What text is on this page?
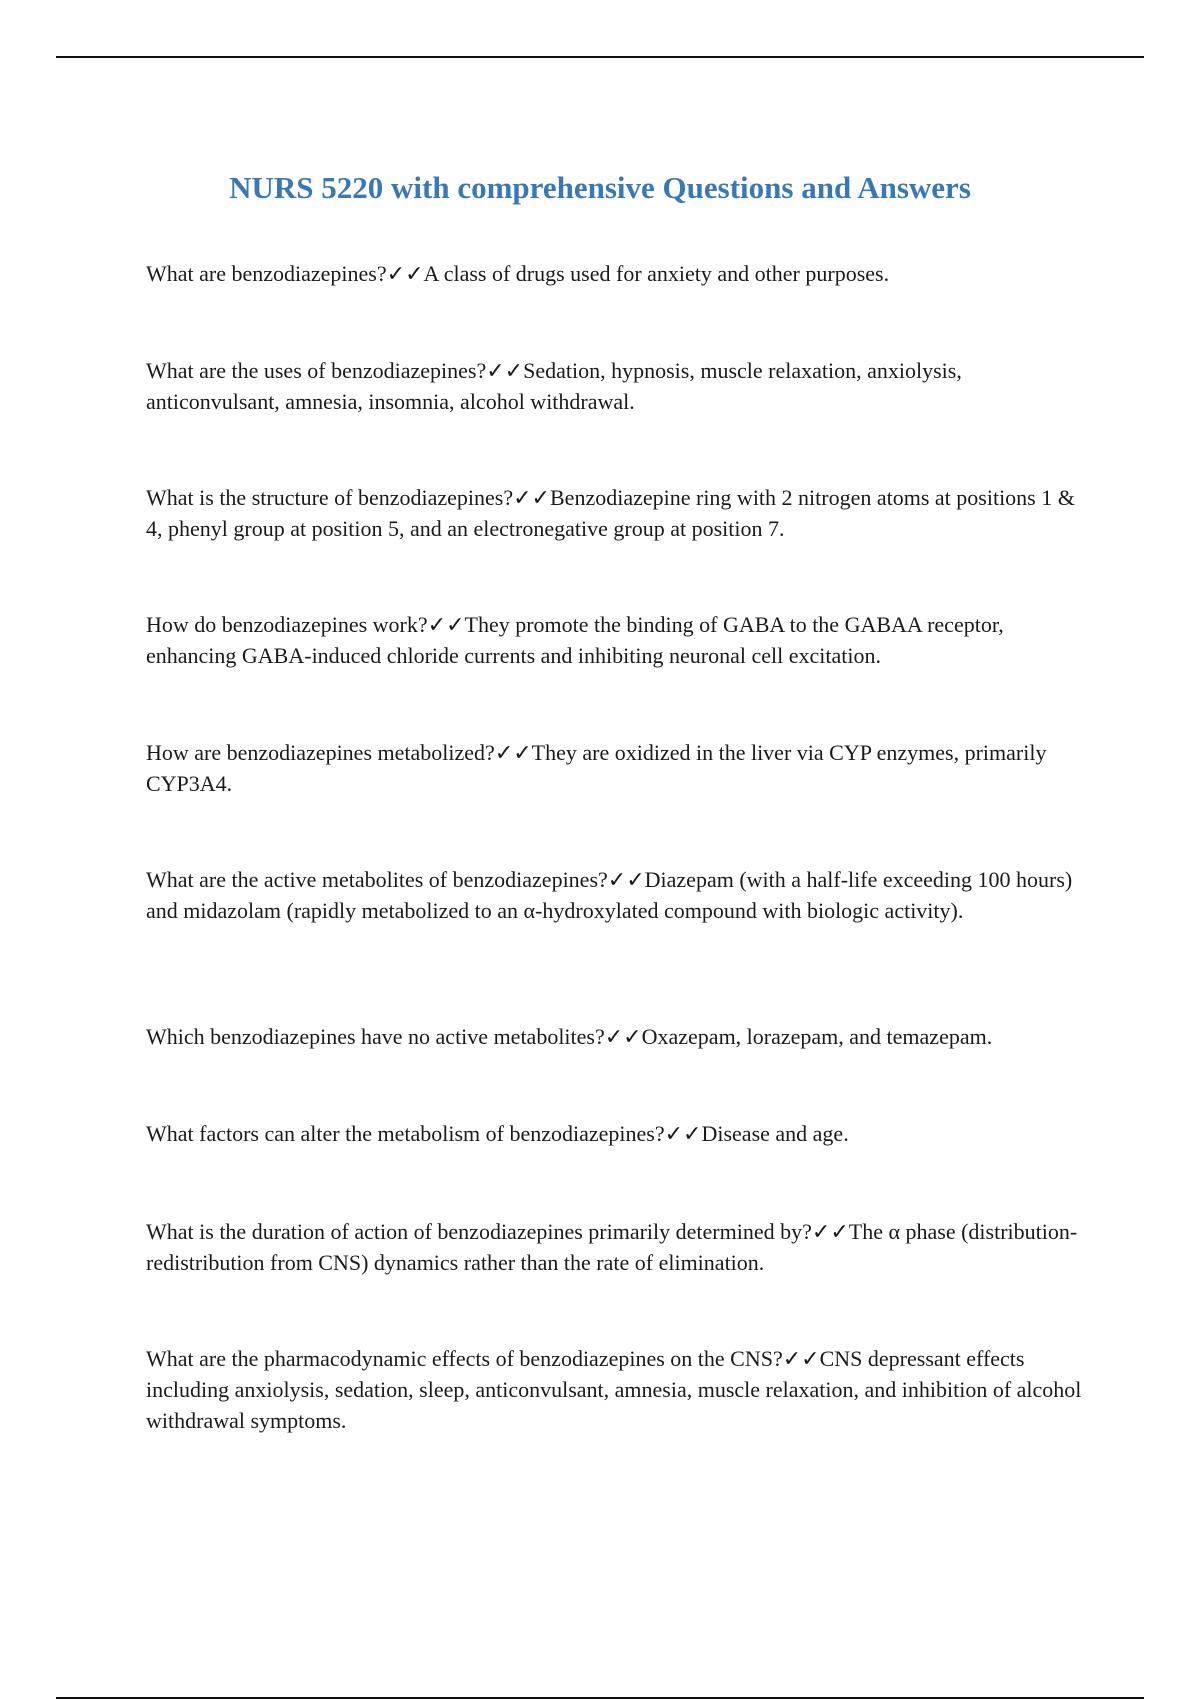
NURS 5220 with comprehensive Questions and Answers

What are benzodiazepines?✓✓A class of drugs used for anxiety and other purposes.

What are the uses of benzodiazepines?✓✓Sedation, hypnosis, muscle relaxation, anxiolysis, anticonvulsant, amnesia, insomnia, alcohol withdrawal.

What is the structure of benzodiazepines?✓✓Benzodiazepine ring with 2 nitrogen atoms at positions 1 & 4, phenyl group at position 5, and an electronegative group at position 7.

How do benzodiazepines work?✓✓They promote the binding of GABA to the GABAA receptor, enhancing GABA-induced chloride currents and inhibiting neuronal cell excitation.

How are benzodiazepines metabolized?✓✓They are oxidized in the liver via CYP enzymes, primarily CYP3A4.

What are the active metabolites of benzodiazepines?✓✓Diazepam (with a half-life exceeding 100 hours) and midazolam (rapidly metabolized to an α-hydroxylated compound with biologic activity).

Which benzodiazepines have no active metabolites?✓✓Oxazepam, lorazepam, and temazepam.

What factors can alter the metabolism of benzodiazepines?✓✓Disease and age.

What is the duration of action of benzodiazepines primarily determined by?✓✓The α phase (distribution-redistribution from CNS) dynamics rather than the rate of elimination.

What are the pharmacodynamic effects of benzodiazepines on the CNS?✓✓CNS depressant effects including anxiolysis, sedation, sleep, anticonvulsant, amnesia, muscle relaxation, and inhibition of alcohol withdrawal symptoms.
